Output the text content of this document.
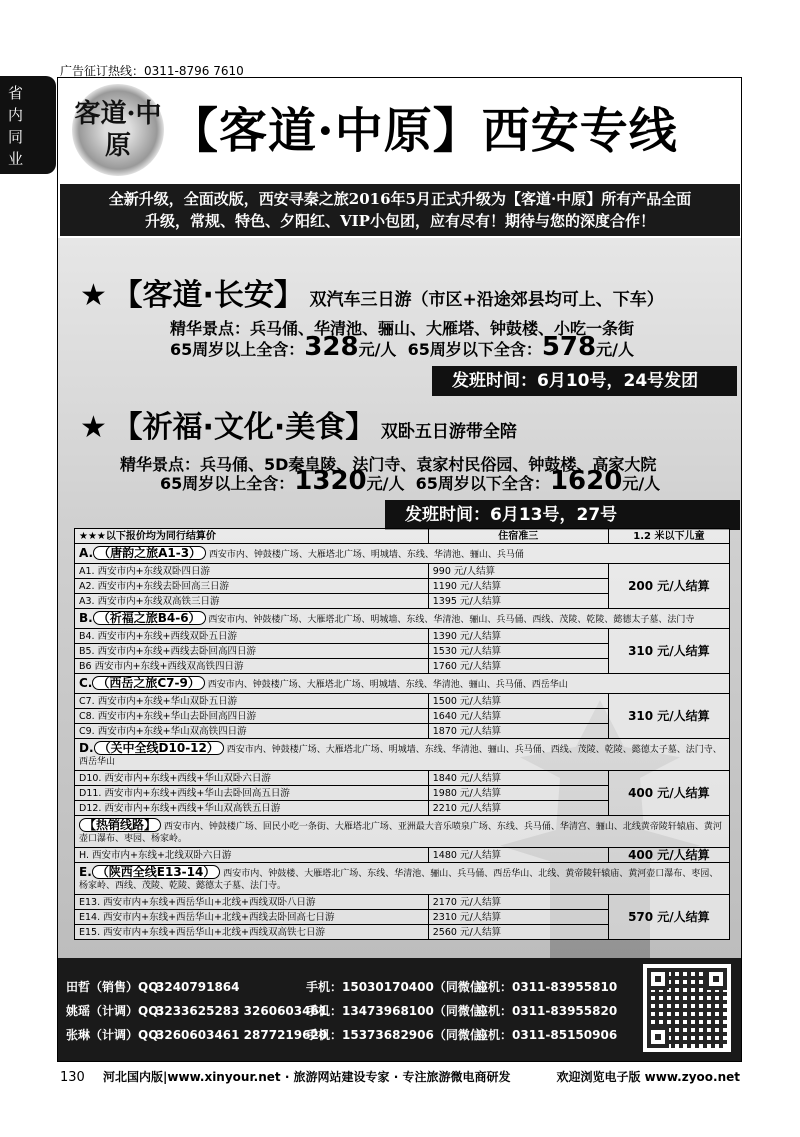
广告征订热线：0311-8796 7610
省
内
同
业
客道·中原 【客道·中原】西安专线
全新升级，全面改版，西安寻秦之旅2016年5月正式升级为【客道·中原】所有产品全面
升级，常规、特色、夕阳红、VIP小包团，应有尽有！期待与您的深度合作！
★ 【客道·长安】 双汽车三日游（市区+沿途郊县均可上、下车）
精华景点：兵马俑、华清池、骊山、大雁塔、钟鼓楼、小吃一条街
65周岁以上全含：328元/人 65周岁以下全含：578元/人
发班时间：6月10号，24号发团
★ 【祈福·文化·美食】 双卧五日游带全陪
精华景点：兵马俑、5D秦皇陵、法门寺、袁家村民俗园、钟鼓楼、高家大院
65周岁以上全含：1320元/人 65周岁以下全含：1620元/人
发班时间：6月13号，27号
★★★以下报价均为同行结算价	住宿准三	1.2 米以下儿童
A. （唐韵之旅A1-3） 西安市内、钟鼓楼广场、大雁塔北广场、明城墙、东线、华清池、骊山、兵马俑		
A1. 西安市内+东线双卧四日游	990 元/人结算	200 元/人结算
A2. 西安市内+东线去卧回高三日游	1190 元/人结算	
A3. 西安市内+东线双高铁三日游	1395 元/人结算	
B. （祈福之旅B4-6） 西安市内、钟鼓楼广场、大雁塔北广场、明城墙、东线、华清池、骊山、兵马俑、西线、茂陵、乾陵、懿德太子墓、法门寺		
B4. 西安市内+东线+西线双卧五日游	1390 元/人结算	310 元/人结算
B5. 西安市内+东线+西线去卧回高四日游	1530 元/人结算	
B6 西安市内+东线+西线双高铁四日游	1760 元/人结算	
C. （西岳之旅C7-9） 西安市内、钟鼓楼广场、大雁塔北广场、明城墙、东线、华清池、骊山、兵马俑、西岳华山		
C7. 西安市内+东线+华山双卧五日游	1500 元/人结算	310 元/人结算
C8. 西安市内+东线+华山去卧回高四日游	1640 元/人结算	
C9. 西安市内+东线+华山双高铁四日游	1870 元/人结算	
D. （关中全线D10-12） 西安市内、钟鼓楼广场、大雁塔北广场、明城墙、东线、华清池、骊山、兵马俑、西线、茂陵、乾陵、懿德太子墓、法门寺、西岳华山		
D10. 西安市内+东线+西线+华山双卧六日游	1840 元/人结算	400 元/人结算
D11. 西安市内+东线+西线+华山去卧回高五日游	1980 元/人结算	
D12. 西安市内+东线+西线+华山双高铁五日游	2210 元/人结算	
【热销线路】 西安市内、钟鼓楼广场、回民小吃一条街、大雁塔北广场、亚洲最大音乐喷泉广场、东线、兵马俑、华清宫、骊山、北线黄帝陵轩辕庙、黄河壶口瀑布、枣园、杨家岭。		
H. 西安市内+东线+北线双卧六日游	1480 元/人结算	400 元/人结算
E. （陕西全线E13-14） 西安市内、钟鼓楼、大雁塔北广场、东线、华清池、骊山、兵马俑、西岳华山、北线、黄帝陵轩辕庙、黄河壶口瀑布、枣园、杨家岭、西线、茂陵、乾陵、懿德太子墓、法门寺。		
E13. 西安市内+东线+西岳华山+北线+西线双卧八日游	2170 元/人结算	570 元/人结算
E14. 西安市内+东线+西岳华山+北线+西线去卧回高七日游	2310 元/人结算	
E15. 西安市内+东线+西岳华山+北线+西线双高铁七日游	2560 元/人结算	
田哲（销售）QQ：3240791864	手机：15030170400（同微信）座机：0311-83955810
姚瑶（计调）QQ：3233625283 3260603461手机：13473968100（同微信）座机：0311-83955820
张琳（计调）QQ：3260603461 2877219620手机：15373682906（同微信）座机：0311-85150906
130 河北国内版|www.xinyour.net · 旅游网站建设专家 · 专注旅游微电商研发	欢迎浏览电子版 www.zyoo.net
